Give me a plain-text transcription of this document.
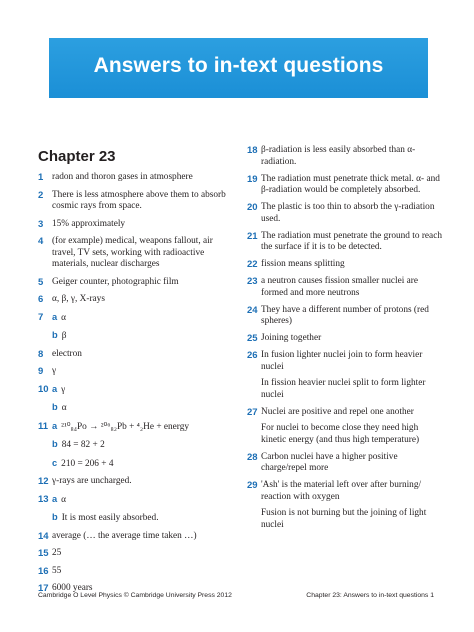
Answers to in-text questions
Chapter 23
1 radon and thoron gases in atmosphere
2 There is less atmosphere above them to absorb cosmic rays from space.
3 15% approximately
4 (for example) medical, weapons fallout, air travel, TV sets, working with radioactive materials, nuclear discharges
5 Geiger counter, photographic film
6 α, β, γ, X-rays
7 a α
b β
8 electron
9 γ
10 a γ
b α
11 a ²¹⁰₈₄Po → ²⁰⁶₈₂Pb + ⁴₂He + energy
b 84 = 82 + 2
c 210 = 206 + 4
12 γ-rays are uncharged.
13 a α
b It is most easily absorbed.
14 average (… the average time taken …)
15 25
16 55
17 6000 years
18 β-radiation is less easily absorbed than α-radiation.
19 The radiation must penetrate thick metal. α- and β-radiation would be completely absorbed.
20 The plastic is too thin to absorb the γ-radiation used.
21 The radiation must penetrate the ground to reach the surface if it is to be detected.
22 fission means splitting
23 a neutron causes fission smaller nuclei are formed and more neutrons
24 They have a different number of protons (red spheres)
25 Joining together
26 In fusion lighter nuclei join to form heavier nuclei
In fission heavier nuclei split to form lighter nuclei
27 Nuclei are positive and repel one another
For nuclei to become close they need high kinetic energy (and thus high temperature)
28 Carbon nuclei have a higher positive charge/repel more
29 'Ash' is the material left over after burning/ reaction with oxygen
Fusion is not burning but the joining of light nuclei
Cambridge O Level Physics © Cambridge University Press 2012	Chapter 23: Answers to in-text questions 1
